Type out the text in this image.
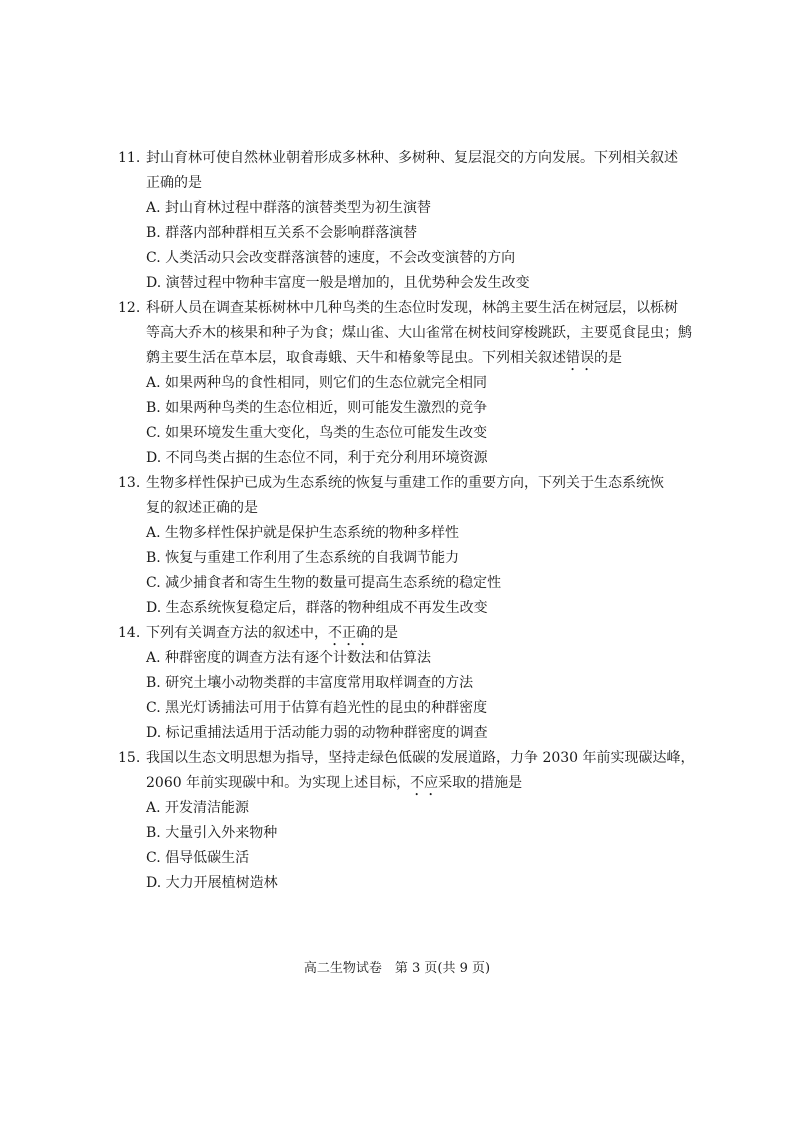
11. 封山育林可使自然林业朝着形成多林种、多树种、复层混交的方向发展。下列相关叙述
正确的是
A. 封山育林过程中群落的演替类型为初生演替
B. 群落内部种群相互关系不会影响群落演替
C. 人类活动只会改变群落演替的速度，不会改变演替的方向
D. 演替过程中物种丰富度一般是增加的，且优势种会发生改变
12. 科研人员在调查某栎树林中几种鸟类的生态位时发现，林鸽主要生活在树冠层，以栎树
等高大乔木的核果和种子为食；煤山雀、大山雀常在树枝间穿梭跳跃，主要觅食昆虫；鹪
鹩主要生活在草本层，取食毒蛾、天牛和椿象等昆虫。下列相关叙述错误的是
A. 如果两种鸟的食性相同，则它们的生态位就完全相同
B. 如果两种鸟类的生态位相近，则可能发生激烈的竞争
C. 如果环境发生重大变化，鸟类的生态位可能发生改变
D. 不同鸟类占据的生态位不同，利于充分利用环境资源
13. 生物多样性保护已成为生态系统的恢复与重建工作的重要方向，下列关于生态系统恢
复的叙述正确的是
A. 生物多样性保护就是保护生态系统的物种多样性
B. 恢复与重建工作利用了生态系统的自我调节能力
C. 减少捕食者和寄生生物的数量可提高生态系统的稳定性
D. 生态系统恢复稳定后，群落的物种组成不再发生改变
14. 下列有关调查方法的叙述中，不正确的是
A. 种群密度的调查方法有逐个计数法和估算法
B. 研究土壤小动物类群的丰富度常用取样调查的方法
C. 黑光灯诱捕法可用于估算有趋光性的昆虫的种群密度
D. 标记重捕法适用于活动能力弱的动物种群密度的调查
15. 我国以生态文明思想为指导，坚持走绿色低碳的发展道路，力争 2030 年前实现碳达峰，
2060 年前实现碳中和。为实现上述目标，不应采取的措施是
A. 开发清洁能源
B. 大量引入外来物种
C. 倡导低碳生活
D. 大力开展植树造林
高二生物试卷　第 3 页(共 9 页)
